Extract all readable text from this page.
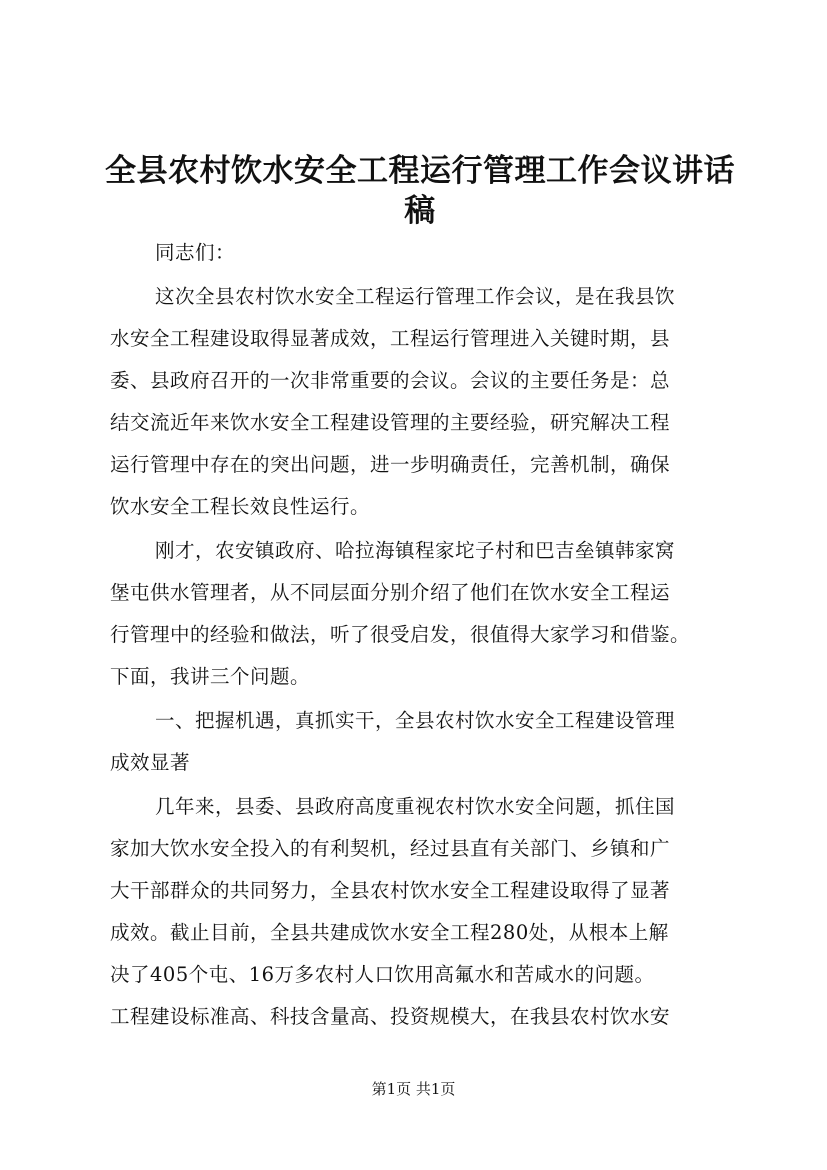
全县农村饮水安全工程运行管理工作会议讲话
稿
同志们：
这次全县农村饮水安全工程运行管理工作会议，是在我县饮
水安全工程建设取得显著成效，工程运行管理进入关键时期，县
委、县政府召开的一次非常重要的会议。会议的主要任务是：总
结交流近年来饮水安全工程建设管理的主要经验，研究解决工程
运行管理中存在的突出问题，进一步明确责任，完善机制，确保
饮水安全工程长效良性运行。
刚才，农安镇政府、哈拉海镇程家坨子村和巴吉垒镇韩家窝
堡屯供水管理者，从不同层面分别介绍了他们在饮水安全工程运
行管理中的经验和做法，听了很受启发，很值得大家学习和借鉴。
下面，我讲三个问题。
一、把握机遇，真抓实干，全县农村饮水安全工程建设管理
成效显著
几年来，县委、县政府高度重视农村饮水安全问题，抓住国
家加大饮水安全投入的有利契机，经过县直有关部门、乡镇和广
大干部群众的共同努力，全县农村饮水安全工程建设取得了显著
成效。截止目前，全县共建成饮水安全工程280处，从根本上解
决了405个屯、16万多农村人口饮用高氟水和苦咸水的问题。
工程建设标准高、科技含量高、投资规模大，在我县农村饮水安
第1页 共1页
